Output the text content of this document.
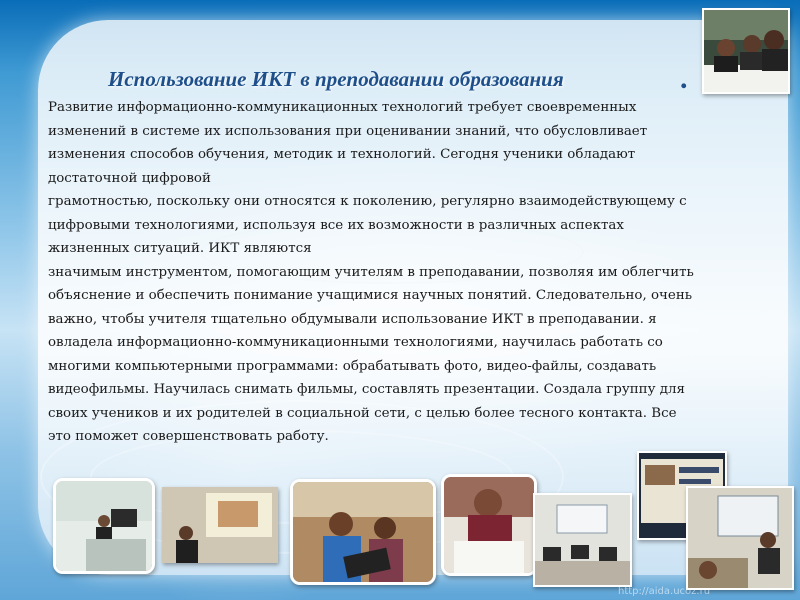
Использование ИКТ в преподавании образования	.
Развитие информационно-коммуникационных технологий требует своевременных
изменений в системе их использования при оценивании знаний, что обусловливает
изменения способов обучения, методик и технологий. Сегодня ученики обладают
достаточной цифровой
грамотностью, поскольку они относятся к поколению, регулярно взаимодействующему с
цифровыми технологиями, используя все их возможности в различных аспектах
жизненных ситуаций. ИКТ являются
значимым инструментом, помогающим учителям в преподавании, позволяя им облегчить
объяснение и обеспечить понимание учащимися научных понятий. Следовательно, очень
важно, чтобы учителя тщательно обдумывали использование ИКТ в преподавании. я
овладела информационно-коммуникационными технологиями, научилась работать со
многими компьютерными программами: обрабатывать фото, видео-файлы, создавать
видеофильмы. Научилась снимать фильмы, составлять презентации. Создала группу для
своих учеников и их родителей в социальной сети, с целью более тесного контакта. Все
это поможет совершенствовать работу.
http://aida.ucoz.ru
